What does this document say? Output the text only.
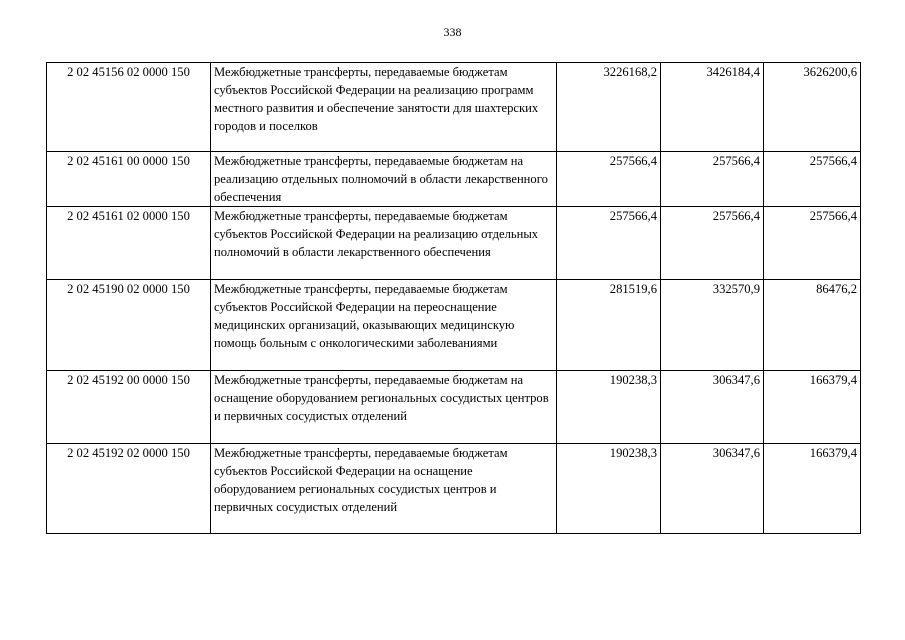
338
2 02 45156 02 0000 150	Межбюджетные трансферты, передаваемые бюджетам субъектов Российской Федерации на реализацию программ местного развития и обеспечение занятости для шахтерских городов и поселков	3226168,2	3426184,4	3626200,6
2 02 45161 00 0000 150	Межбюджетные трансферты, передаваемые бюджетам на реализацию отдельных полномочий в области лекарственного обеспечения	257566,4	257566,4	257566,4
2 02 45161 02 0000 150	Межбюджетные трансферты, передаваемые бюджетам субъектов Российской Федерации на реализацию отдельных полномочий в области лекарственного обеспечения	257566,4	257566,4	257566,4
2 02 45190 02 0000 150	Межбюджетные трансферты, передаваемые бюджетам субъектов Российской Федерации на переоснащение медицинских организаций, оказывающих медицинскую помощь больным с онкологическими заболеваниями	281519,6	332570,9	86476,2
2 02 45192 00 0000 150	Межбюджетные трансферты, передаваемые бюджетам на оснащение оборудованием региональных сосудистых центров и первичных сосудистых отделений	190238,3	306347,6	166379,4
2 02 45192 02 0000 150	Межбюджетные трансферты, передаваемые бюджетам субъектов Российской Федерации на оснащение оборудованием региональных сосудистых центров и первичных сосудистых отделений	190238,3	306347,6	166379,4
